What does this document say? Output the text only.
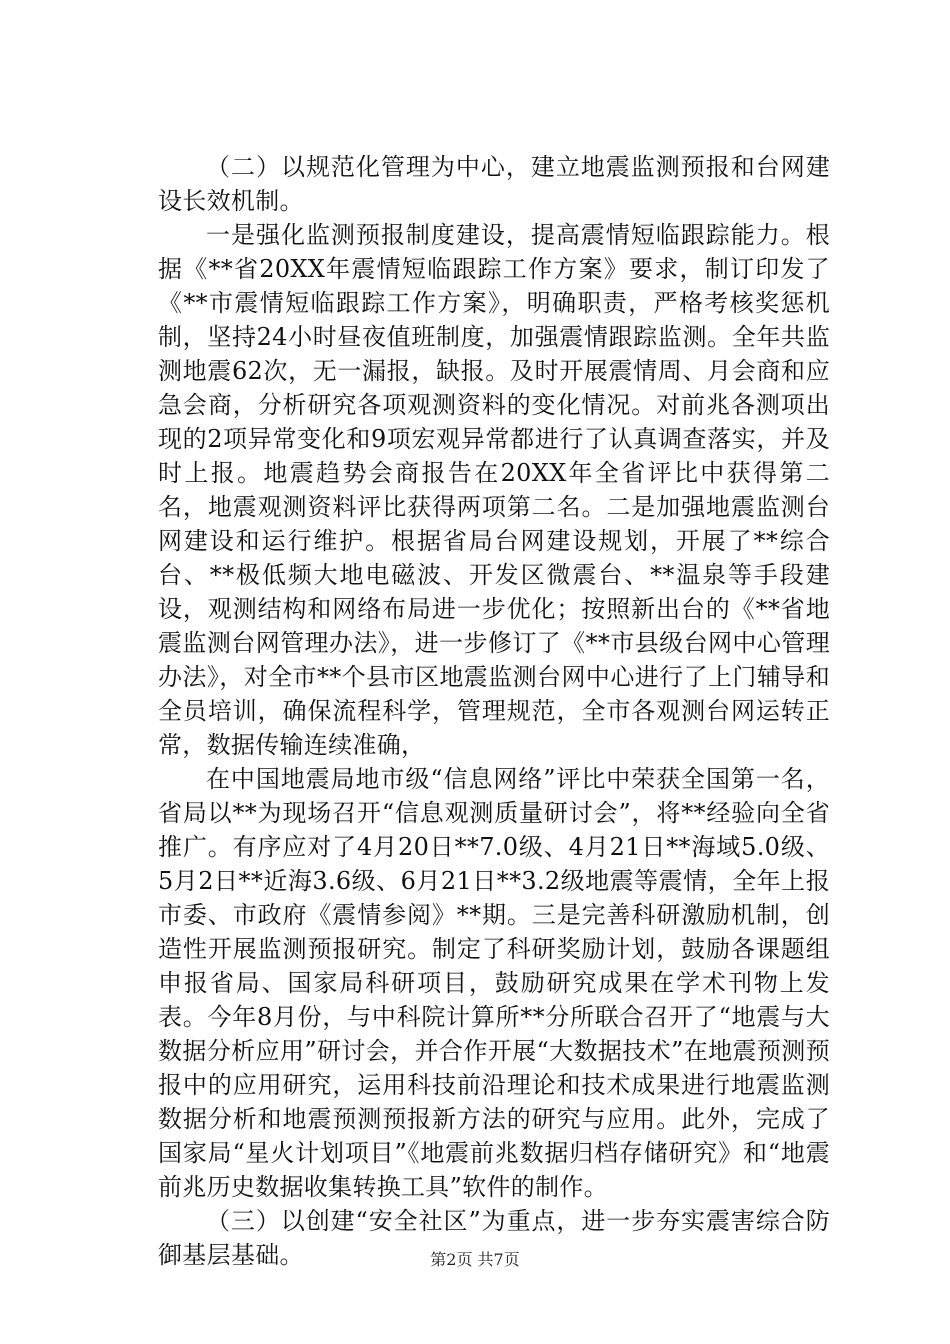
（二）以规范化管理为中心，建立地震监测预报和台网建设长效机制。

一是强化监测预报制度建设，提高震情短临跟踪能力。根据《**省20XX年震情短临跟踪工作方案》要求，制订印发了《**市震情短临跟踪工作方案》，明确职责，严格考核奖惩机制，坚持24小时昼夜值班制度，加强震情跟踪监测。全年共监测地震62次，无一漏报，缺报。及时开展震情周、月会商和应急会商，分析研究各项观测资料的变化情况。对前兆各测项出现的2项异常变化和9项宏观异常都进行了认真调查落实，并及时上报。地震趋势会商报告在20XX年全省评比中获得第二名，地震观测资料评比获得两项第二名。二是加强地震监测台网建设和运行维护。根据省局台网建设规划，开展了**综合台、**极低频大地电磁波、开发区微震台、**温泉等手段建设，观测结构和网络布局进一步优化；按照新出台的《**省地震监测台网管理办法》，进一步修订了《**市县级台网中心管理办法》，对全市**个县市区地震监测台网中心进行了上门辅导和全员培训，确保流程科学，管理规范，全市各观测台网运转正常，数据传输连续准确，

在中国地震局地市级“信息网络”评比中荣获全国第一名，省局以**为现场召开“信息观测质量研讨会”，将**经验向全省推广。有序应对了4月20日**7.0级、4月21日**海域5.0级、5月2日**近海3.6级、6月21日**3.2级地震等震情，全年上报市委、市政府《震情参阅》**期。三是完善科研激励机制，创造性开展监测预报研究。制定了科研奖励计划，鼓励各课题组申报省局、国家局科研项目，鼓励研究成果在学术刊物上发表。今年8月份，与中科院计算所**分所联合召开了“地震与大数据分析应用”研讨会，并合作开展“大数据技术”在地震预测预报中的应用研究，运用科技前沿理论和技术成果进行地震监测数据分析和地震预测预报新方法的研究与应用。此外，完成了国家局“星火计划项目”《地震前兆数据归档存储研究》和“地震前兆历史数据收集转换工具”软件的制作。

（三）以创建“安全社区”为重点，进一步夯实震害综合防御基层基础。	第2页 共7页
